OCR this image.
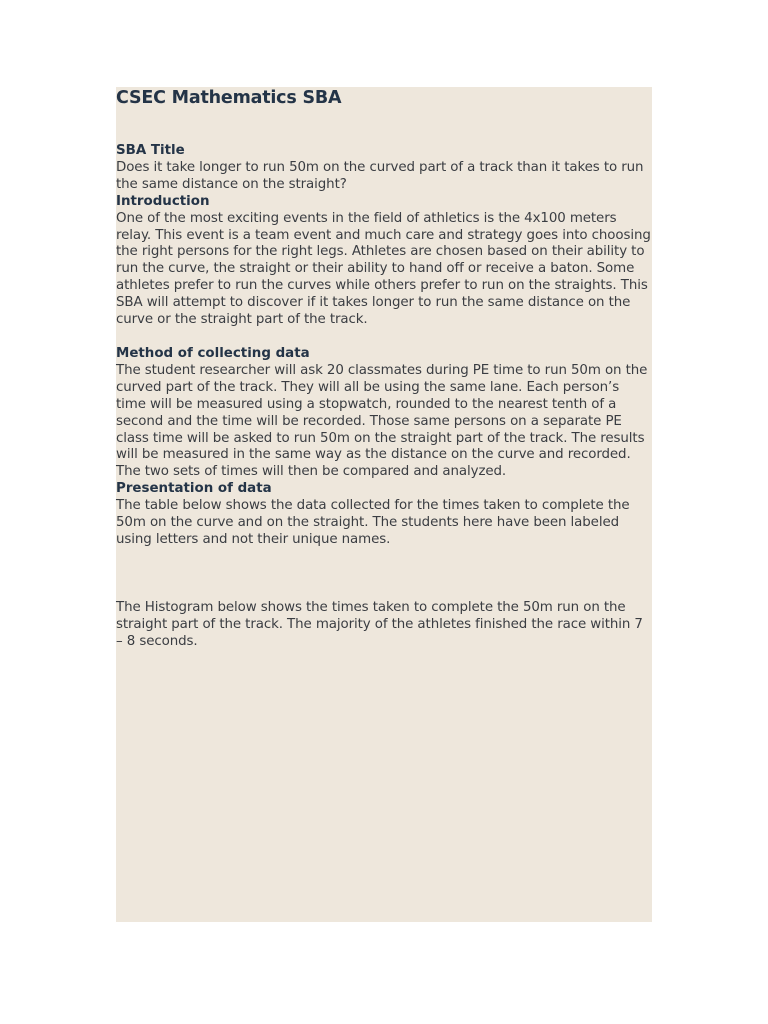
CSEC Mathematics SBA

SBA Title

Does it take longer to run 50m on the curved part of a track than it takes to run the same distance on the straight?

Introduction

One of the most exciting events in the field of athletics is the 4x100 meters relay. This event is a team event and much care and strategy goes into choosing the right persons for the right legs. Athletes are chosen based on their ability to run the curve, the straight or their ability to hand off or receive a baton. Some athletes prefer to run the curves while others prefer to run on the straights. This SBA will attempt to discover if it takes longer to run the same distance on the curve or the straight part of the track.

Method of collecting data

The student researcher will ask 20 classmates during PE time to run 50m on the curved part of the track. They will all be using the same lane. Each person’s time will be measured using a stopwatch, rounded to the nearest tenth of a second and the time will be recorded. Those same persons on a separate PE class time will be asked to run 50m on the straight part of the track. The results will be measured in the same way as the distance on the curve and recorded. The two sets of times will then be compared and analyzed.

Presentation of data

The table below shows the data collected for the times taken to complete the 50m on the curve and on the straight. The students here have been labeled using letters and not their unique names.

The Histogram below shows the times taken to complete the 50m run on the straight part of the track. The majority of the athletes finished the race within 7 – 8 seconds.
